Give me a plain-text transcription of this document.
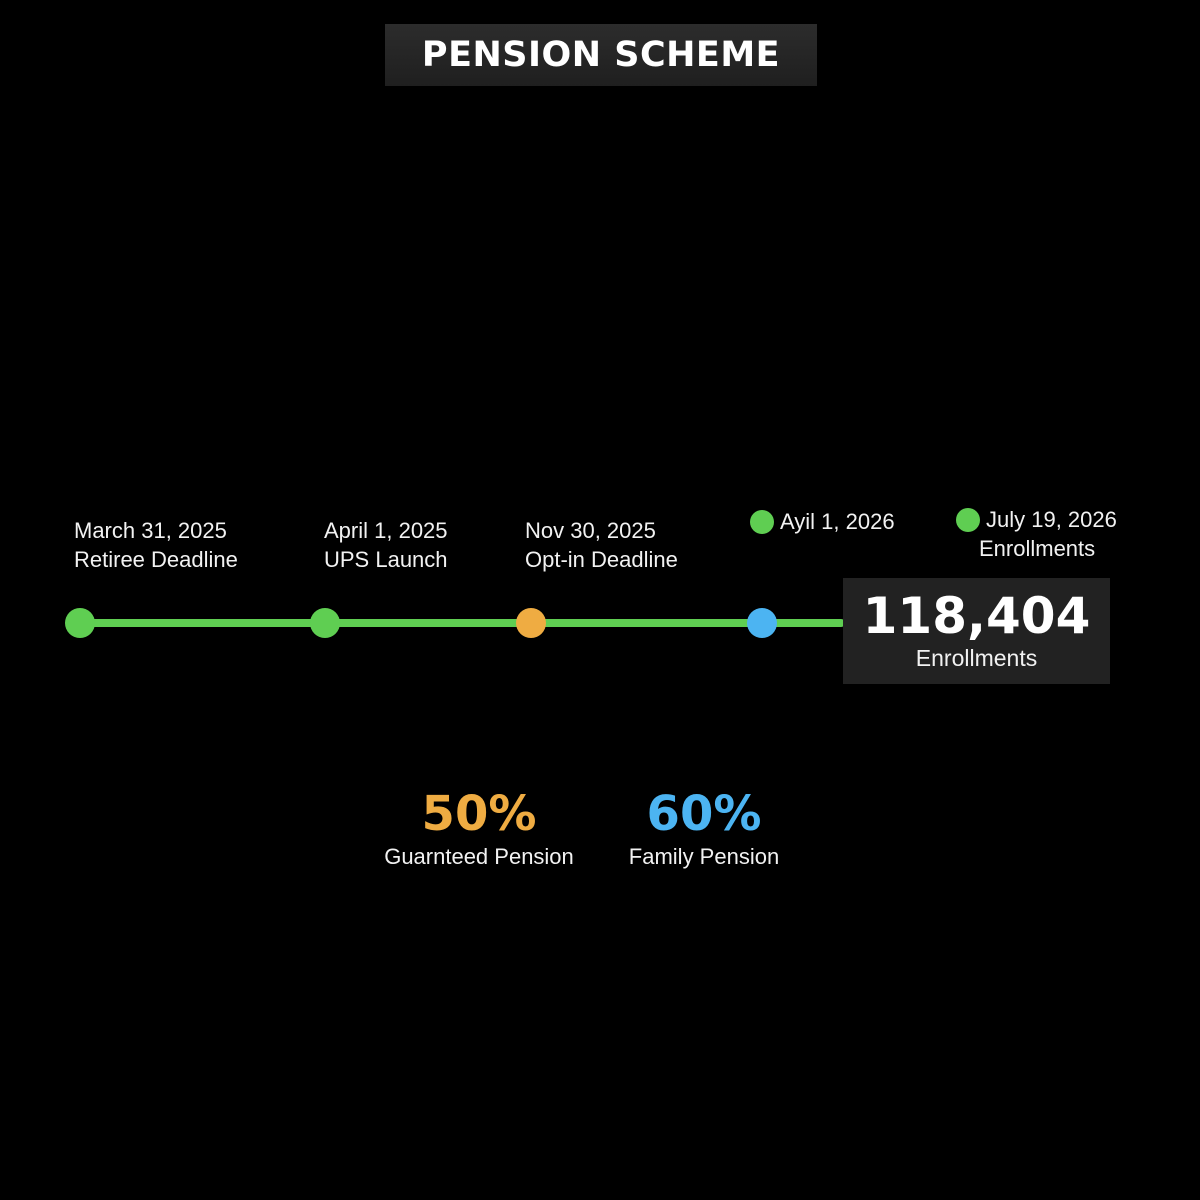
PENSION SCHEME
March 31, 2025
Retiree Deadline
April 1, 2025
UPS Launch
Nov 30, 2025
Opt-in Deadline
Ayil 1, 2026	July 19, 2026
Enrollments
118,404
Enrollments
50%
Guarnteed Pension
60%
Family Pension
